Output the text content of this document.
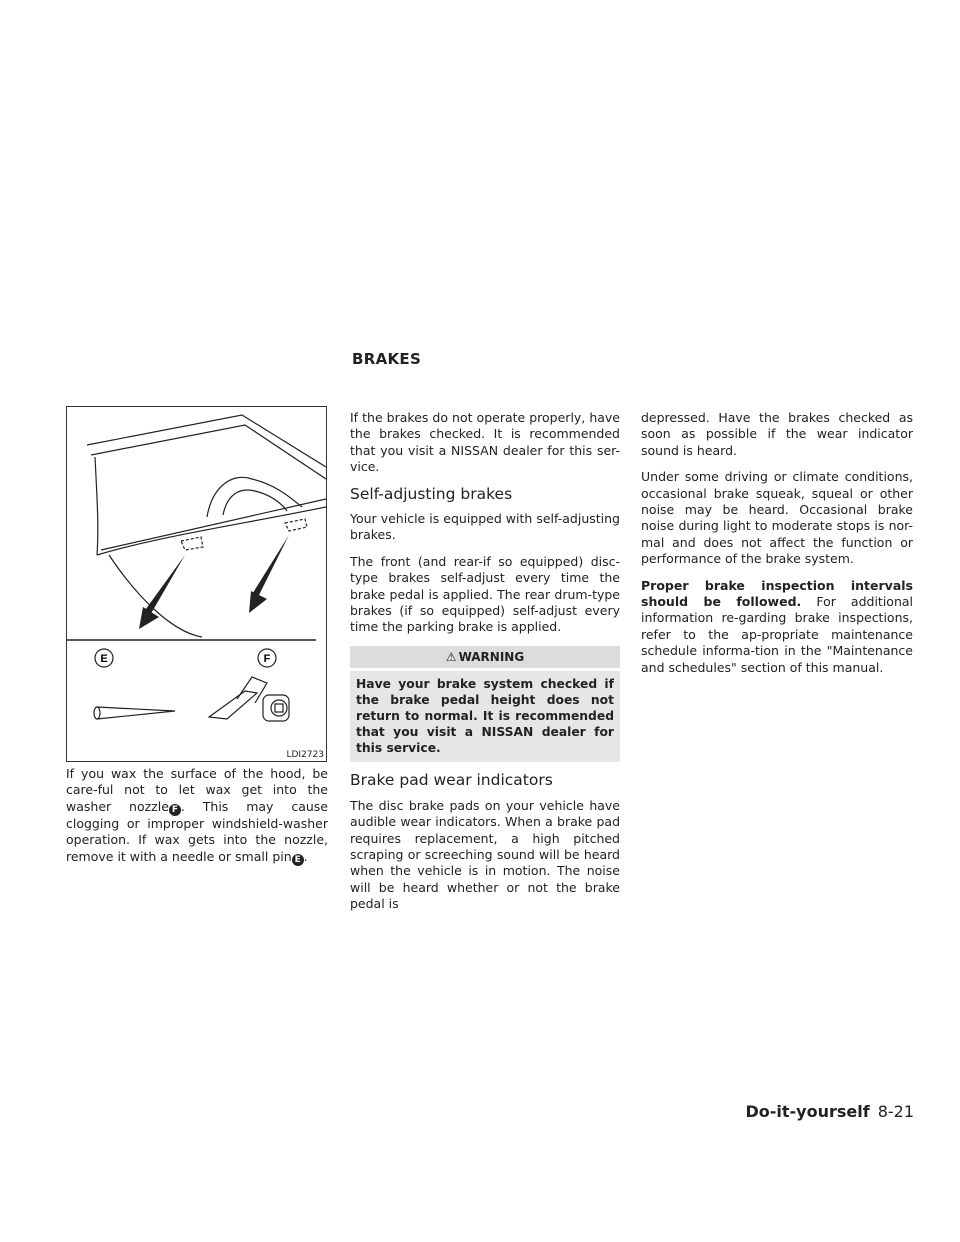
BRAKES
E	F
LDI2723

If you wax the surface of the hood, be care-ful not to let wax get into the washer nozzle F . This may cause clogging or improper windshield-washer operation. If wax gets into the nozzle, remove it with a needle or small pin E .

If the brakes do not operate properly, have the brakes checked. It is recommended that you visit a NISSAN dealer for this ser-vice.

Self-adjusting brakes

Your vehicle is equipped with self-adjusting brakes.

The front (and rear-if so equipped) disc-type brakes self-adjust every time the brake pedal is applied. The rear drum-type brakes (if so equipped) self-adjust every time the parking brake is applied.

⚠ WARNING
Have your brake system checked if the brake pedal height does not return to normal. It is recommended that you visit a NISSAN dealer for this service.
Brake pad wear indicators

The disc brake pads on your vehicle have audible wear indicators. When a brake pad requires replacement, a high pitched scraping or screeching sound will be heard when the vehicle is in motion. The noise will be heard whether or not the brake pedal is

depressed. Have the brakes checked as soon as possible if the wear indicator sound is heard.

Under some driving or climate conditions, occasional brake squeak, squeal or other noise may be heard. Occasional brake noise during light to moderate stops is nor-mal and does not affect the function or performance of the brake system.

Proper brake inspection intervals should be followed. For additional information re-garding brake inspections, refer to the ap-propriate maintenance schedule informa-tion in the "Maintenance and schedules" section of this manual.

Do-it-yourself 8-21
